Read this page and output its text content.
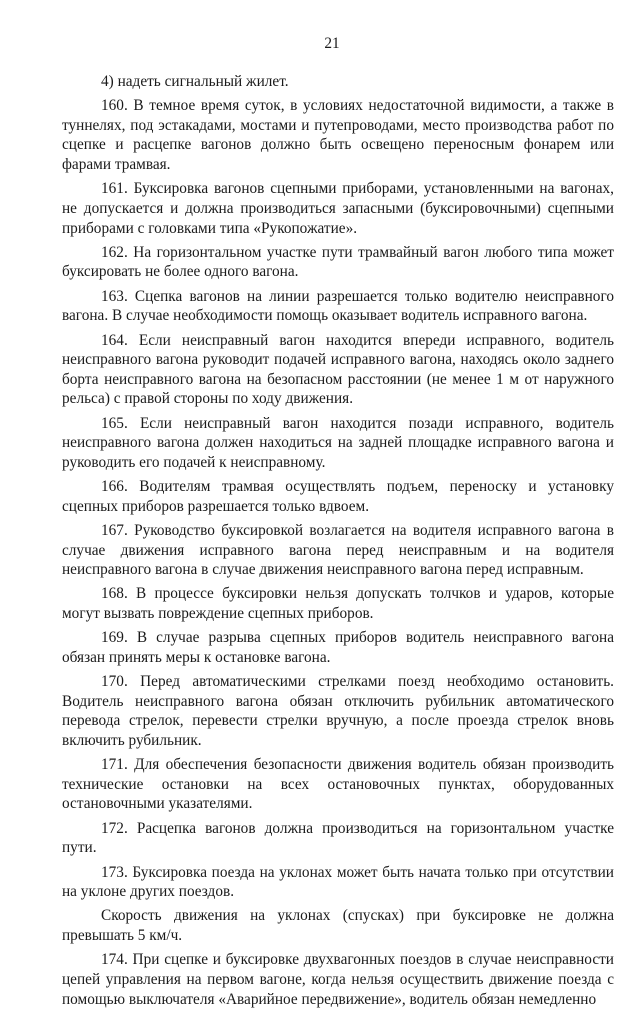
21

4) надеть сигнальный жилет.

160. В темное время суток, в условиях недостаточной видимости, а также в туннелях, под эстакадами, мостами и путепроводами, место производства работ по сцепке и расцепке вагонов должно быть освещено переносным фонарем или фарами трамвая.

161. Буксировка вагонов сцепными приборами, установленными на вагонах, не допускается и должна производиться запасными (буксировочными) сцепными приборами с головками типа «Рукопожатие».

162. На горизонтальном участке пути трамвайный вагон любого типа может буксировать не более одного вагона.

163. Сцепка вагонов на линии разрешается только водителю неисправного вагона. В случае необходимости помощь оказывает водитель исправного вагона.

164. Если неисправный вагон находится впереди исправного, водитель неисправного вагона руководит подачей исправного вагона, находясь около заднего борта неисправного вагона на безопасном расстоянии (не менее 1 м от наружного рельса) с правой стороны по ходу движения.

165. Если неисправный вагон находится позади исправного, водитель неисправного вагона должен находиться на задней площадке исправного вагона и руководить его подачей к неисправному.

166. Водителям трамвая осуществлять подъем, переноску и установку сцепных приборов разрешается только вдвоем.

167. Руководство буксировкой возлагается на водителя исправного вагона в случае движения исправного вагона перед неисправным и на водителя неисправного вагона в случае движения неисправного вагона перед исправным.

168. В процессе буксировки нельзя допускать толчков и ударов, которые могут вызвать повреждение сцепных приборов.

169. В случае разрыва сцепных приборов водитель неисправного вагона обязан принять меры к остановке вагона.

170. Перед автоматическими стрелками поезд необходимо остановить. Водитель неисправного вагона обязан отключить рубильник автоматического перевода стрелок, перевести стрелки вручную, а после проезда стрелок вновь включить рубильник.

171. Для обеспечения безопасности движения водитель обязан производить технические остановки на всех остановочных пунктах, оборудованных остановочными указателями.

172. Расцепка вагонов должна производиться на горизонтальном участке пути.

173. Буксировка поезда на уклонах может быть начата только при отсутствии на уклоне других поездов.

Скорость движения на уклонах (спусках) при буксировке не должна превышать 5 км/ч.

174. При сцепке и буксировке двухвагонных поездов в случае неисправности цепей управления на первом вагоне, когда нельзя осуществить движение поезда с помощью выключателя «Аварийное передвижение», водитель обязан немедленно
